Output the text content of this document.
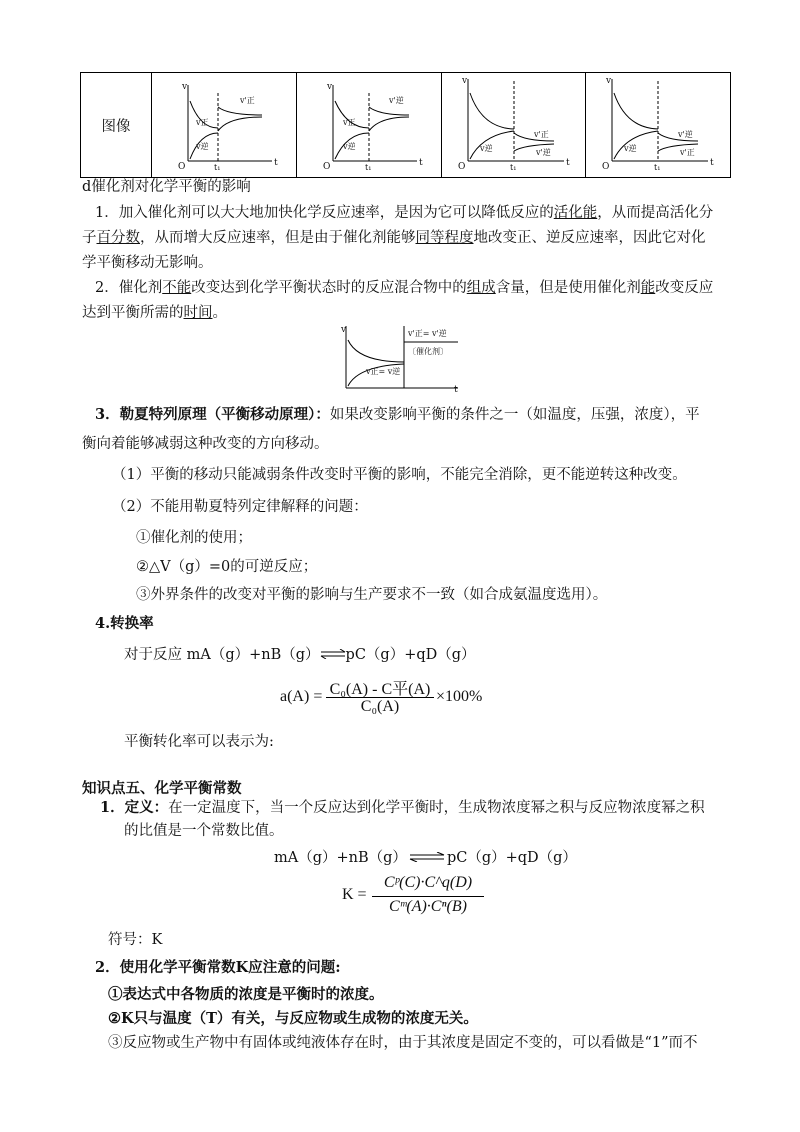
图像	
v
O	t
t₁
v'正
v正
v逆

v
O	t
t₁
v'逆
v正
v逆

v
O	t
t₁
v'正
v'逆
v逆

v
O	t
t₁
v'逆
v'正
v逆
d催化剂对化学平衡的影响
1．加入催化剂可以大大地加快化学反应速率，是因为它可以降低反应的活化能，从而提高活化分
子百分数，从而增大反应速率，但是由于催化剂能够同等程度地改变正、逆反应速率，因此它对化
学平衡移动无影响。
2．催化剂不能改变达到化学平衡状态时的反应混合物中的组成含量，但是使用催化剂能改变反应
达到平衡所需的时间。
v
t
v'正= v'逆
〔催化剂〕
v正= v逆
3．勒夏特列原理（平衡移动原理）：如果改变影响平衡的条件之一（如温度，压强，浓度），平
衡向着能够减弱这种改变的方向移动。
（1）平衡的移动只能减弱条件改变时平衡的影响，不能完全消除，更不能逆转这种改变。
（2）不能用勒夏特列定律解释的问题：
①催化剂的使用；
②△V（g）=0的可逆反应；
③外界条件的改变对平衡的影响与生产要求不一致（如合成氨温度选用）。
4.转换率
对于反应 mA（g）+nB（g）⇌pC（g）+qD（g）
a(A) = C₀(A) - C平(A)
C₀(A)
×100%
平衡转化率可以表示为:
知识点五、化学平衡常数
1．定义：在一定温度下，当一个反应达到化学平衡时，生成物浓度幂之积与反应物浓度幂之积
的比值是一个常数比值。
mA（g）+nB（g）⇌pC（g）+qD（g）
K =
Cᵖ(C)·C^q(D)
Cᵐ(A)·Cⁿ(B)
符号：K
2．使用化学平衡常数K应注意的问题:
①表达式中各物质的浓度是平衡时的浓度。
②K只与温度（T）有关，与反应物或生成物的浓度无关。
③反应物或生产物中有固体或纯液体存在时，由于其浓度是固定不变的，可以看做是“1”而不
